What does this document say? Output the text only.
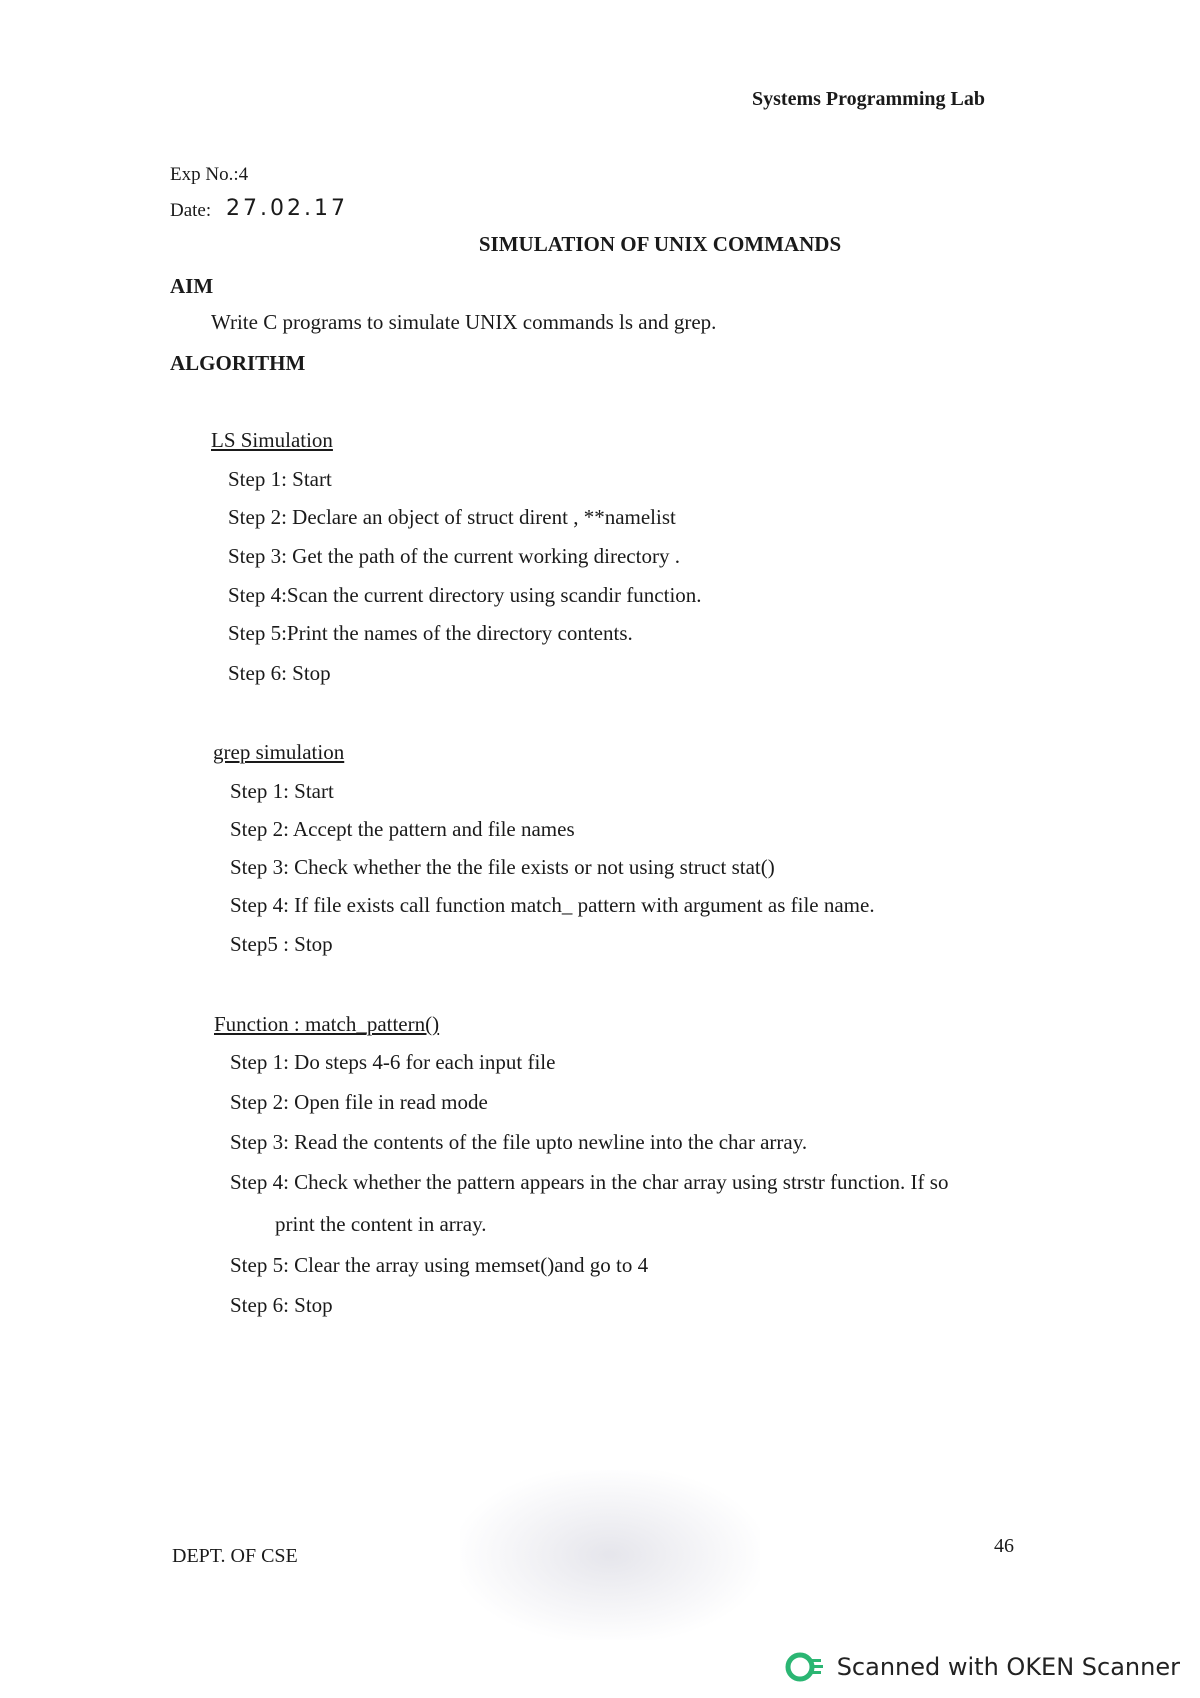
Systems Programming Lab
Exp No.:4
Date: 27.02.17
SIMULATION OF UNIX COMMANDS
AIM
Write C programs to simulate UNIX commands ls and grep.
ALGORITHM
LS Simulation
Step 1: Start
Step 2: Declare an object of struct dirent , **namelist
Step 3: Get the path of the current working directory .
Step 4:Scan the current directory using scandir function.
Step 5:Print the names of the directory contents.
Step 6: Stop
grep simulation
Step 1: Start
Step 2: Accept the pattern and file names
Step 3: Check whether the the file exists or not using struct stat()
Step 4: If file exists call function match_ pattern with argument as file name.
Step5 : Stop
Function : match_pattern()
Step 1: Do steps 4-6 for each input file
Step 2: Open file in read mode
Step 3: Read the contents of the file upto newline into the char array.
Step 4: Check whether the pattern appears in the char array using strstr function. If so
print the content in array.
Step 5: Clear the array using memset()and go to 4
Step 6: Stop
DEPT. OF CSE	46
Scanned with OKEN Scanner
